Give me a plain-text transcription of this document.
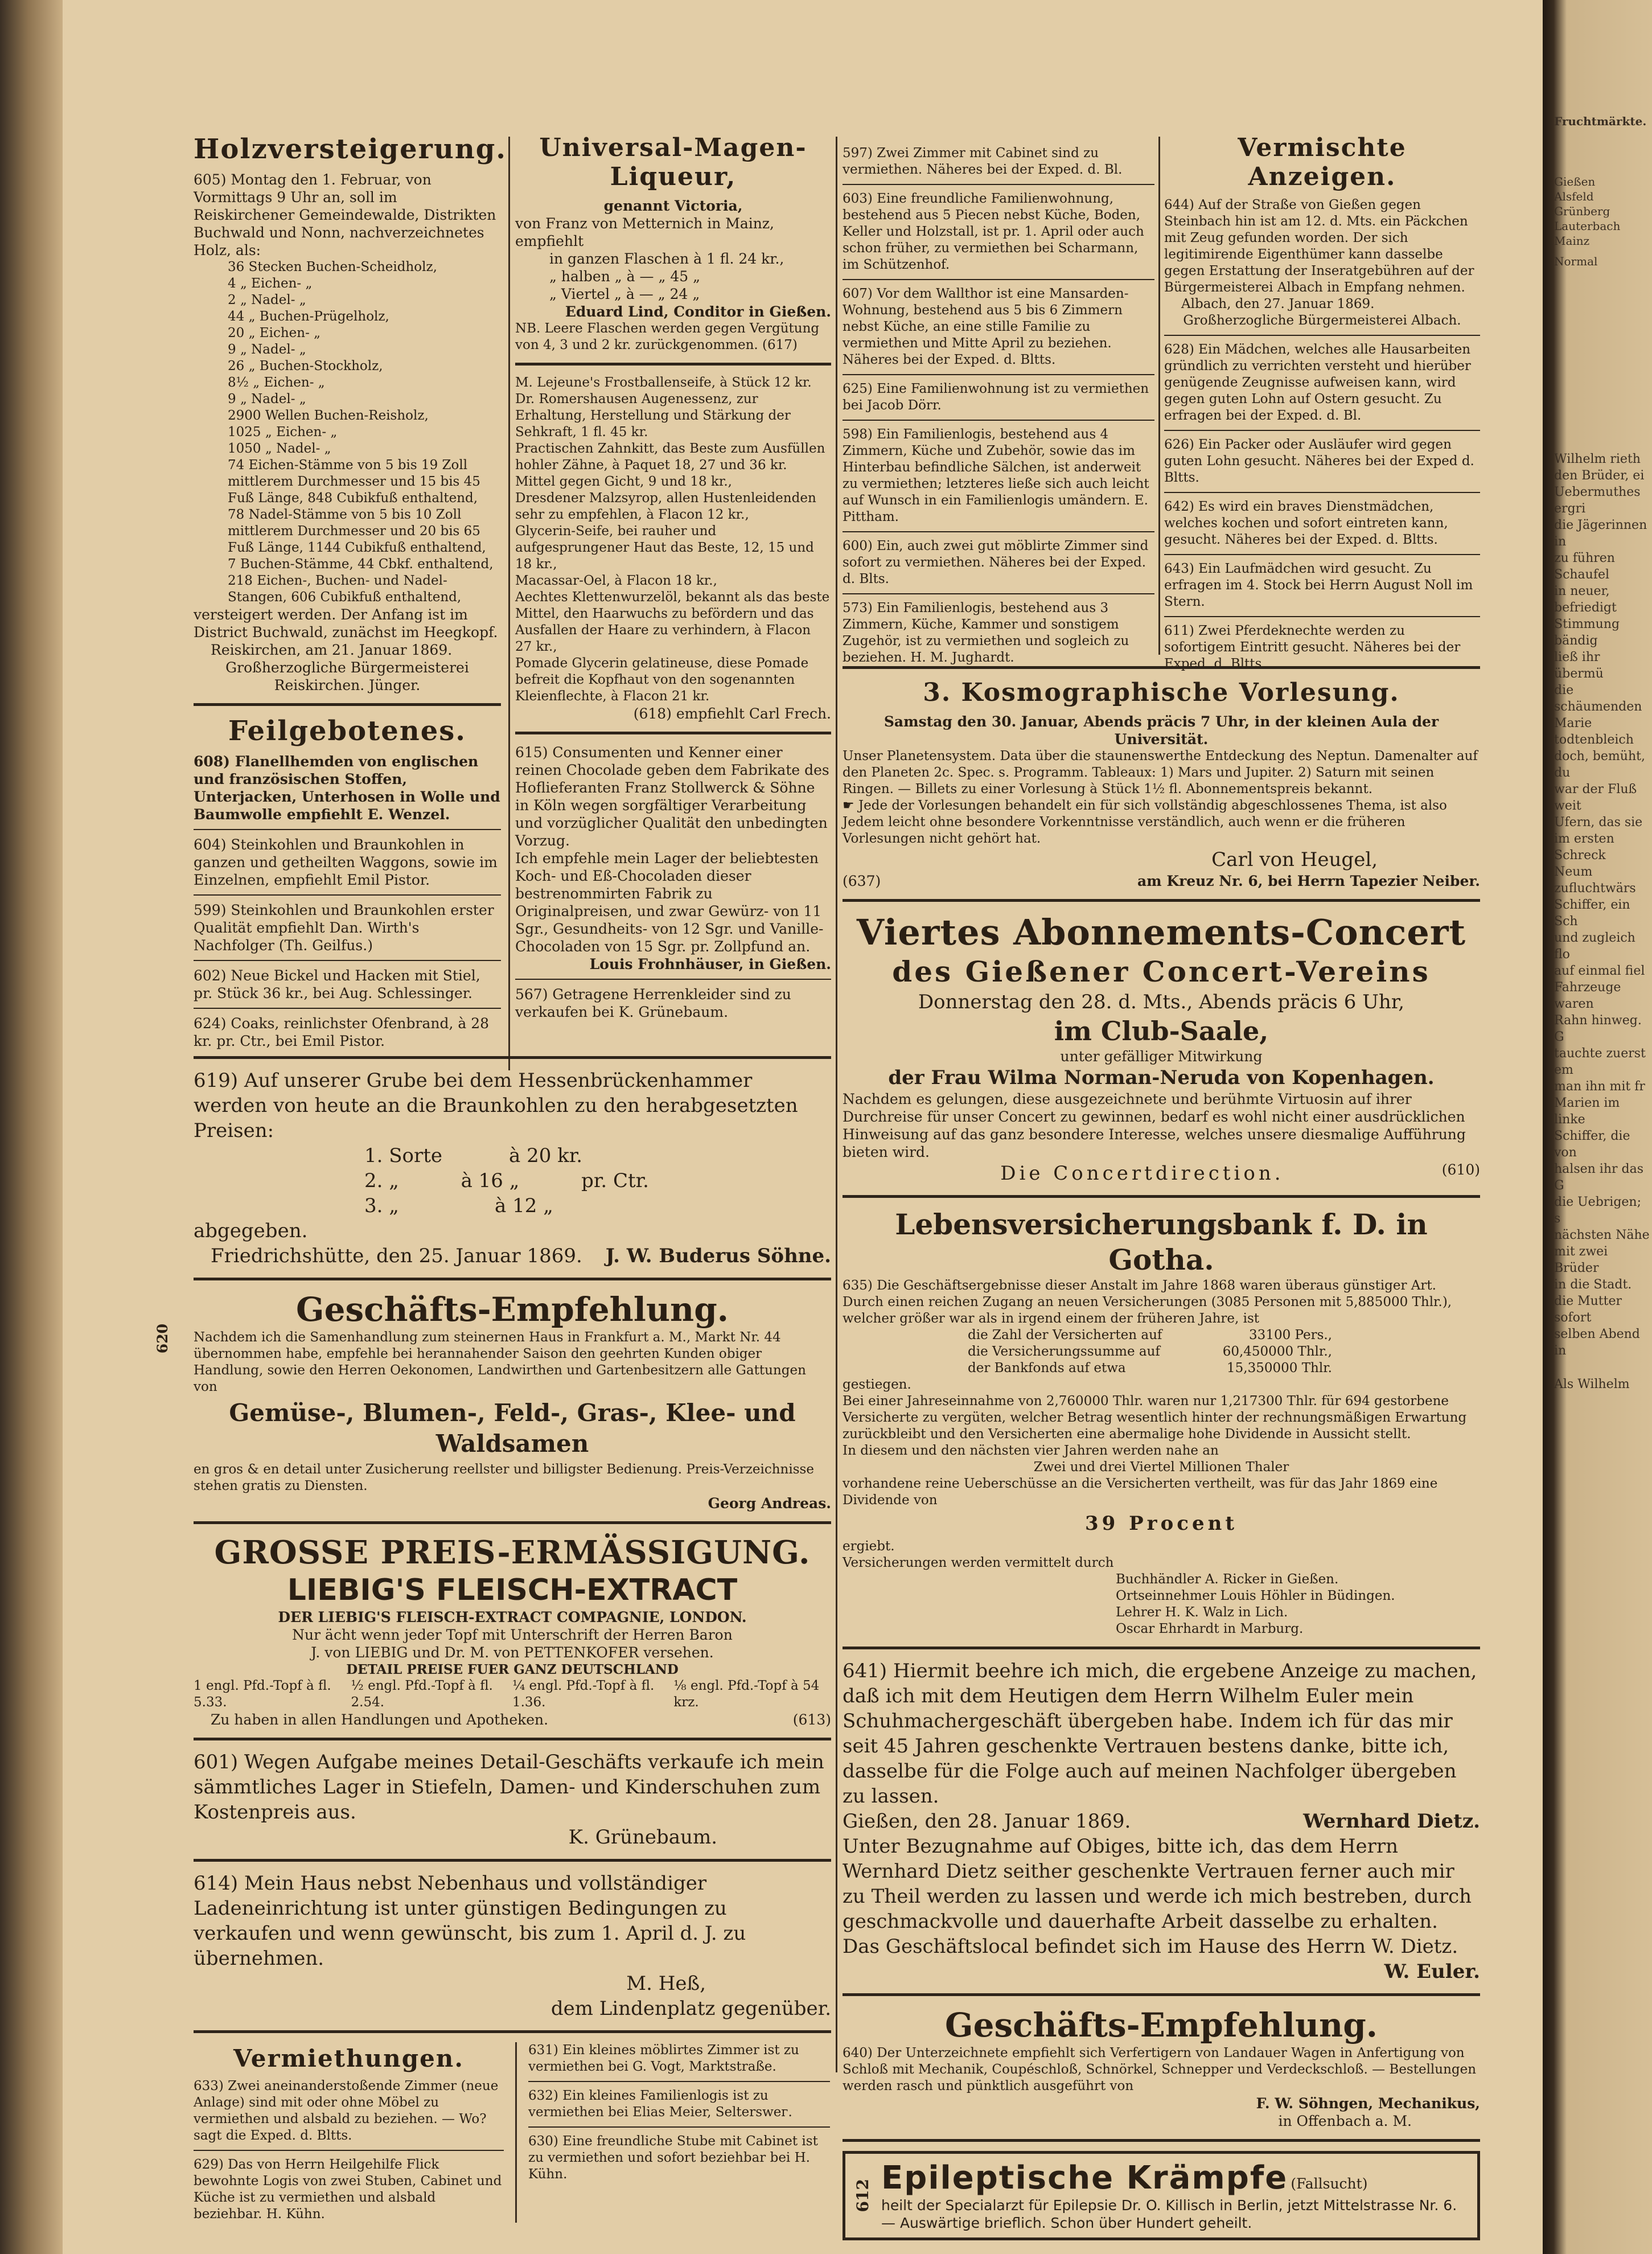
Holzversteigerung.

605) Montag den 1. Februar, von Vormittags 9 Uhr an, soll im Reiskirchener Gemeindewalde, Distrikten Buchwald und Nonn, nachverzeichnetes Holz, als:

36 Stecken Buchen-Scheidholz,
4 „ Eichen- „
2 „ Nadel- „
44 „ Buchen-Prügelholz,
20 „ Eichen- „
9 „ Nadel- „
26 „ Buchen-Stockholz,
8½ „ Eichen- „
9 „ Nadel- „
2900 Wellen Buchen-Reisholz,
1025 „ Eichen- „
1050 „ Nadel- „
74 Eichen-Stämme von 5 bis 19 Zoll mittlerem Durchmesser und 15 bis 45 Fuß Länge, 848 Cubikfuß enthaltend,
78 Nadel-Stämme von 5 bis 10 Zoll mittlerem Durchmesser und 20 bis 65 Fuß Länge, 1144 Cubikfuß enthaltend,
7 Buchen-Stämme, 44 Cbkf. enthaltend,
218 Eichen-, Buchen- und Nadel-Stangen, 606 Cubikfuß enthaltend,

versteigert werden. Der Anfang ist im District Buchwald, zunächst im Heegkopf.

Reiskirchen, am 21. Januar 1869.

Großherzogliche Bürgermeisterei Reiskirchen. Jünger.

Feilgebotenes.

608) Flanellhemden von englischen und französischen Stoffen, Unterjacken, Unterhosen in Wolle und Baumwolle empfiehlt E. Wenzel.

604) Steinkohlen und Braunkohlen in ganzen und getheilten Waggons, sowie im Einzelnen, empfiehlt Emil Pistor.

599) Steinkohlen und Braunkohlen erster Qualität empfiehlt Dan. Wirth's Nachfolger (Th. Geilfus.)

602) Neue Bickel und Hacken mit Stiel, pr. Stück 36 kr., bei Aug. Schlessinger.

624) Coaks, reinlichster Ofenbrand, à 28 kr. pr. Ctr., bei Emil Pistor.

Universal-Magen-Liqueur,

genannt Victoria,

von Franz von Metternich in Mainz, empfiehlt

in ganzen Flaschen à 1 fl. 24 kr.,
„ halben „ à — „ 45 „
„ Viertel „ à — „ 24 „

Eduard Lind, Conditor in Gießen.

NB. Leere Flaschen werden gegen Vergütung von 4, 3 und 2 kr. zurückgenommen. (617)

M. Lejeune's Frostballenseife, à Stück 12 kr.

Dr. Romershausen Augenessenz, zur Erhaltung, Herstellung und Stärkung der Sehkraft, 1 fl. 45 kr.

Practischen Zahnkitt, das Beste zum Ausfüllen hohler Zähne, à Paquet 18, 27 und 36 kr.

Mittel gegen Gicht, 9 und 18 kr.,

Dresdener Malzsyrop, allen Hustenleidenden sehr zu empfehlen, à Flacon 12 kr.,

Glycerin-Seife, bei rauher und aufgesprungener Haut das Beste, 12, 15 und 18 kr.,

Macassar-Oel, à Flacon 18 kr.,

Aechtes Klettenwurzelöl, bekannt als das beste Mittel, den Haarwuchs zu befördern und das Ausfallen der Haare zu verhindern, à Flacon 27 kr.,

Pomade Glycerin gelatineuse, diese Pomade befreit die Kopfhaut von den sogenannten Kleienflechte, à Flacon 21 kr.

(618) empfiehlt Carl Frech.

615) Consumenten und Kenner einer reinen Chocolade geben dem Fabrikate des Hoflieferanten Franz Stollwerck & Söhne in Köln wegen sorgfältiger Verarbeitung und vorzüglicher Qualität den unbedingten Vorzug.

Ich empfehle mein Lager der beliebtesten Koch- und Eß-Chocoladen dieser bestrenommirten Fabrik zu Originalpreisen, und zwar Gewürz- von 11 Sgr., Gesundheits- von 12 Sgr. und Vanille-Chocoladen von 15 Sgr. pr. Zollpfund an.

Louis Frohnhäuser, in Gießen.

567) Getragene Herrenkleider sind zu verkaufen bei K. Grünebaum.

597) Zwei Zimmer mit Cabinet sind zu vermiethen. Näheres bei der Exped. d. Bl.

603) Eine freundliche Familienwohnung, bestehend aus 5 Piecen nebst Küche, Boden, Keller und Holzstall, ist pr. 1. April oder auch schon früher, zu vermiethen bei Scharmann, im Schützenhof.

607) Vor dem Wallthor ist eine Mansarden-Wohnung, bestehend aus 5 bis 6 Zimmern nebst Küche, an eine stille Familie zu vermiethen und Mitte April zu beziehen. Näheres bei der Exped. d. Bltts.

625) Eine Familienwohnung ist zu vermiethen bei Jacob Dörr.

598) Ein Familienlogis, bestehend aus 4 Zimmern, Küche und Zubehör, sowie das im Hinterbau befindliche Sälchen, ist anderweit zu vermiethen; letzteres ließe sich auch leicht auf Wunsch in ein Familienlogis umändern. E. Pittham.

600) Ein, auch zwei gut möblirte Zimmer sind sofort zu vermiethen. Näheres bei der Exped. d. Blts.

573) Ein Familienlogis, bestehend aus 3 Zimmern, Küche, Kammer und sonstigem Zugehör, ist zu vermiethen und sogleich zu beziehen. H. M. Jughardt.

Vermischte Anzeigen.

644) Auf der Straße von Gießen gegen Steinbach hin ist am 12. d. Mts. ein Päckchen mit Zeug gefunden worden. Der sich legitimirende Eigenthümer kann dasselbe gegen Erstattung der Inseratgebühren auf der Bürgermeisterei Albach in Empfang nehmen.

Albach, den 27. Januar 1869.

Großherzogliche Bürgermeisterei Albach.

628) Ein Mädchen, welches alle Hausarbeiten gründlich zu verrichten versteht und hierüber genügende Zeugnisse aufweisen kann, wird gegen guten Lohn auf Ostern gesucht. Zu erfragen bei der Exped. d. Bl.

626) Ein Packer oder Ausläufer wird gegen guten Lohn gesucht. Näheres bei der Exped d. Bltts.

642) Es wird ein braves Dienstmädchen, welches kochen und sofort eintreten kann, gesucht. Näheres bei der Exped. d. Bltts.

643) Ein Laufmädchen wird gesucht. Zu erfragen im 4. Stock bei Herrn August Noll im Stern.

611) Zwei Pferdeknechte werden zu sofortigem Eintritt gesucht. Näheres bei der Exped. d. Bltts.

3. Kosmographische Vorlesung.

Samstag den 30. Januar, Abends präcis 7 Uhr, in der kleinen Aula der Universität.

Unser Planetensystem. Data über die staunenswerthe Entdeckung des Neptun. Damenalter auf den Planeten 2c. Spec. s. Programm. Tableaux: 1) Mars und Jupiter. 2) Saturn mit seinen Ringen. — Billets zu einer Vorlesung à Stück 1½ fl. Abonnementspreis bekannt.

☛ Jede der Vorlesungen behandelt ein für sich vollständig abgeschlossenes Thema, ist also Jedem leicht ohne besondere Vorkenntnisse verständlich, auch wenn er die früheren Vorlesungen nicht gehört hat.

Carl von Heugel,

(637)	am Kreuz Nr. 6, bei Herrn Tapezier Neiber.

Viertes Abonnements-Concert

des Gießener Concert-Vereins

Donnerstag den 28. d. Mts., Abends präcis 6 Uhr,

im Club-Saale,

unter gefälliger Mitwirkung

der Frau Wilma Norman-Neruda von Kopenhagen.

Nachdem es gelungen, diese ausgezeichnete und berühmte Virtuosin auf ihrer Durchreise für unser Concert zu gewinnen, bedarf es wohl nicht einer ausdrücklichen Hinweisung auf das ganz besondere Interesse, welches unsere diesmalige Aufführung bieten wird.

Die Concertdirection.	(610)

Lebensversicherungsbank f. D. in Gotha.

635) Die Geschäftsergebnisse dieser Anstalt im Jahre 1868 waren überaus günstiger Art. Durch einen reichen Zugang an neuen Versicherungen (3085 Personen mit 5,885000 Thlr.), welcher größer war als in irgend einem der früheren Jahre, ist

die Zahl der Versicherten auf	33100 Pers.,
die Versicherungssumme auf	60,450000 Thlr.,
der Bankfonds auf etwa	15,350000 Thlr.

gestiegen.

Bei einer Jahreseinnahme von 2,760000 Thlr. waren nur 1,217300 Thlr. für 694 gestorbene Versicherte zu vergüten, welcher Betrag wesentlich hinter der rechnungsmäßigen Erwartung zurückbleibt und den Versicherten eine abermalige hohe Dividende in Aussicht stellt.

In diesem und den nächsten vier Jahren werden nahe an

Zwei und drei Viertel Millionen Thaler

vorhandene reine Ueberschüsse an die Versicherten vertheilt, was für das Jahr 1869 eine Dividende von

39 Procent

ergiebt.

Versicherungen werden vermittelt durch

Buchhändler A. Ricker in Gießen.
Ortseinnehmer Louis Höhler in Büdingen.
Lehrer H. K. Walz in Lich.
Oscar Ehrhardt in Marburg.

641) Hiermit beehre ich mich, die ergebene Anzeige zu machen, daß ich mit dem Heutigen dem Herrn Wilhelm Euler mein Schuhmachergeschäft übergeben habe. Indem ich für das mir seit 45 Jahren geschenkte Vertrauen bestens danke, bitte ich, dasselbe für die Folge auch auf meinen Nachfolger übergeben zu lassen.

Gießen, den 28. Januar 1869.	Wernhard Dietz.

Unter Bezugnahme auf Obiges, bitte ich, das dem Herrn Wernhard Dietz seither geschenkte Vertrauen ferner auch mir zu Theil werden zu lassen und werde ich mich bestreben, durch geschmackvolle und dauerhafte Arbeit dasselbe zu erhalten.

Das Geschäftslocal befindet sich im Hause des Herrn W. Dietz.

W. Euler.

Geschäfts-Empfehlung.

640) Der Unterzeichnete empfiehlt sich Verfertigern von Landauer Wagen in Anfertigung von Schloß mit Mechanik, Coupéschloß, Schnörkel, Schnepper und Verdeckschloß. — Bestellungen werden rasch und pünktlich ausgeführt von

F. W. Söhngen, Mechanikus,

in Offenbach a. M.

612 Epileptische Krämpfe (Fallsucht)

heilt der Specialarzt für Epilepsie Dr. O. Killisch in Berlin, jetzt Mittelstrasse Nr. 6. — Auswärtige brieflich. Schon über Hundert geheilt.

619) Auf unserer Grube bei dem Hessenbrückenhammer werden von heute an die Braunkohlen zu den herabgesetzten Preisen:

1. Sorte	à 20 kr.
2. „	à 16 „	pr. Ctr.
3. „	à 12 „

abgegeben.

Friedrichshütte, den 25. Januar 1869. J. W. Buderus Söhne.
620

Geschäfts-Empfehlung.

Nachdem ich die Samenhandlung zum steinernen Haus in Frankfurt a. M., Markt Nr. 44 übernommen habe, empfehle bei herannahender Saison den geehrten Kunden obiger Handlung, sowie den Herren Oekonomen, Landwirthen und Gartenbesitzern alle Gattungen von

Gemüse-, Blumen-, Feld-, Gras-, Klee- und Waldsamen

en gros & en detail unter Zusicherung reellster und billigster Bedienung. Preis-Verzeichnisse stehen gratis zu Diensten.

Georg Andreas.

GROSSE PREIS-ERMÄSSIGUNG.

LIEBIG'S FLEISCH-EXTRACT

DER LIEBIG'S FLEISCH-EXTRACT COMPAGNIE, LONDON.

Nur ächt wenn jeder Topf mit Unterschrift der Herren Baron

J. von LIEBIG und Dr. M. von PETTENKOFER versehen.

DETAIL PREISE FUER GANZ DEUTSCHLAND

1 engl. Pfd.-Topf à fl. 5.33.
½ engl. Pfd.-Topf à fl. 2.54.
¼ engl. Pfd.-Topf à fl. 1.36.
⅛ engl. Pfd.-Topf à 54 krz.
Zu haben in allen Handlungen und Apotheken.	(613)

601) Wegen Aufgabe meines Detail-Geschäfts verkaufe ich mein sämmtliches Lager in Stiefeln, Damen- und Kinderschuhen zum Kostenpreis aus.

K. Grünebaum.

614) Mein Haus nebst Nebenhaus und vollständiger Ladeneinrichtung ist unter günstigen Bedingungen zu verkaufen und wenn gewünscht, bis zum 1. April d. J. zu übernehmen.

M. Heß,

dem Lindenplatz gegenüber.

Vermiethungen.

633) Zwei aneinanderstoßende Zimmer (neue Anlage) sind mit oder ohne Möbel zu vermiethen und alsbald zu beziehen. — Wo? sagt die Exped. d. Bltts.

629) Das von Herrn Heilgehilfe Flick bewohnte Logis von zwei Stuben, Cabinet und Küche ist zu vermiethen und alsbald beziehbar. H. Kühn.

631) Ein kleines möblirtes Zimmer ist zu vermiethen bei G. Vogt, Marktstraße.

632) Ein kleines Familienlogis ist zu vermiethen bei Elias Meier, Selterswег.

630) Eine freundliche Stube mit Cabinet ist zu vermiethen und sofort beziehbar bei H. Kühn.

Fruchtmärkte.
Gießen
Alsfeld
Grünberg
Lauterbach
Mainz
Normal
Wilhelm rieth
den Brüder, ei
Uebermuthes ergri
die Jägerinnen in
zu führen Schaufel
in neuer, befriedigt
Stimmung bändig
ließ ihr übermü
die schäumenden
Marie todtenbleich
doch, bemüht, du
war der Fluß weit
Ufern, das sie
im ersten Schreck
Neum zufluchtwärs
Schiffer, ein Sch
und zugleich flo
auf einmal fiel
Fahrzeuge waren
Rahn hinweg. G
tauchte zuerst em
man ihn mit fr
Marien im linke
Schiffer, die von
halsen ihr das G
die Uebrigen; s
nächsten Nähe
mit zwei Brüder
in die Stadt.
die Mutter sofort
selben Abend in
Als Wilhelm
